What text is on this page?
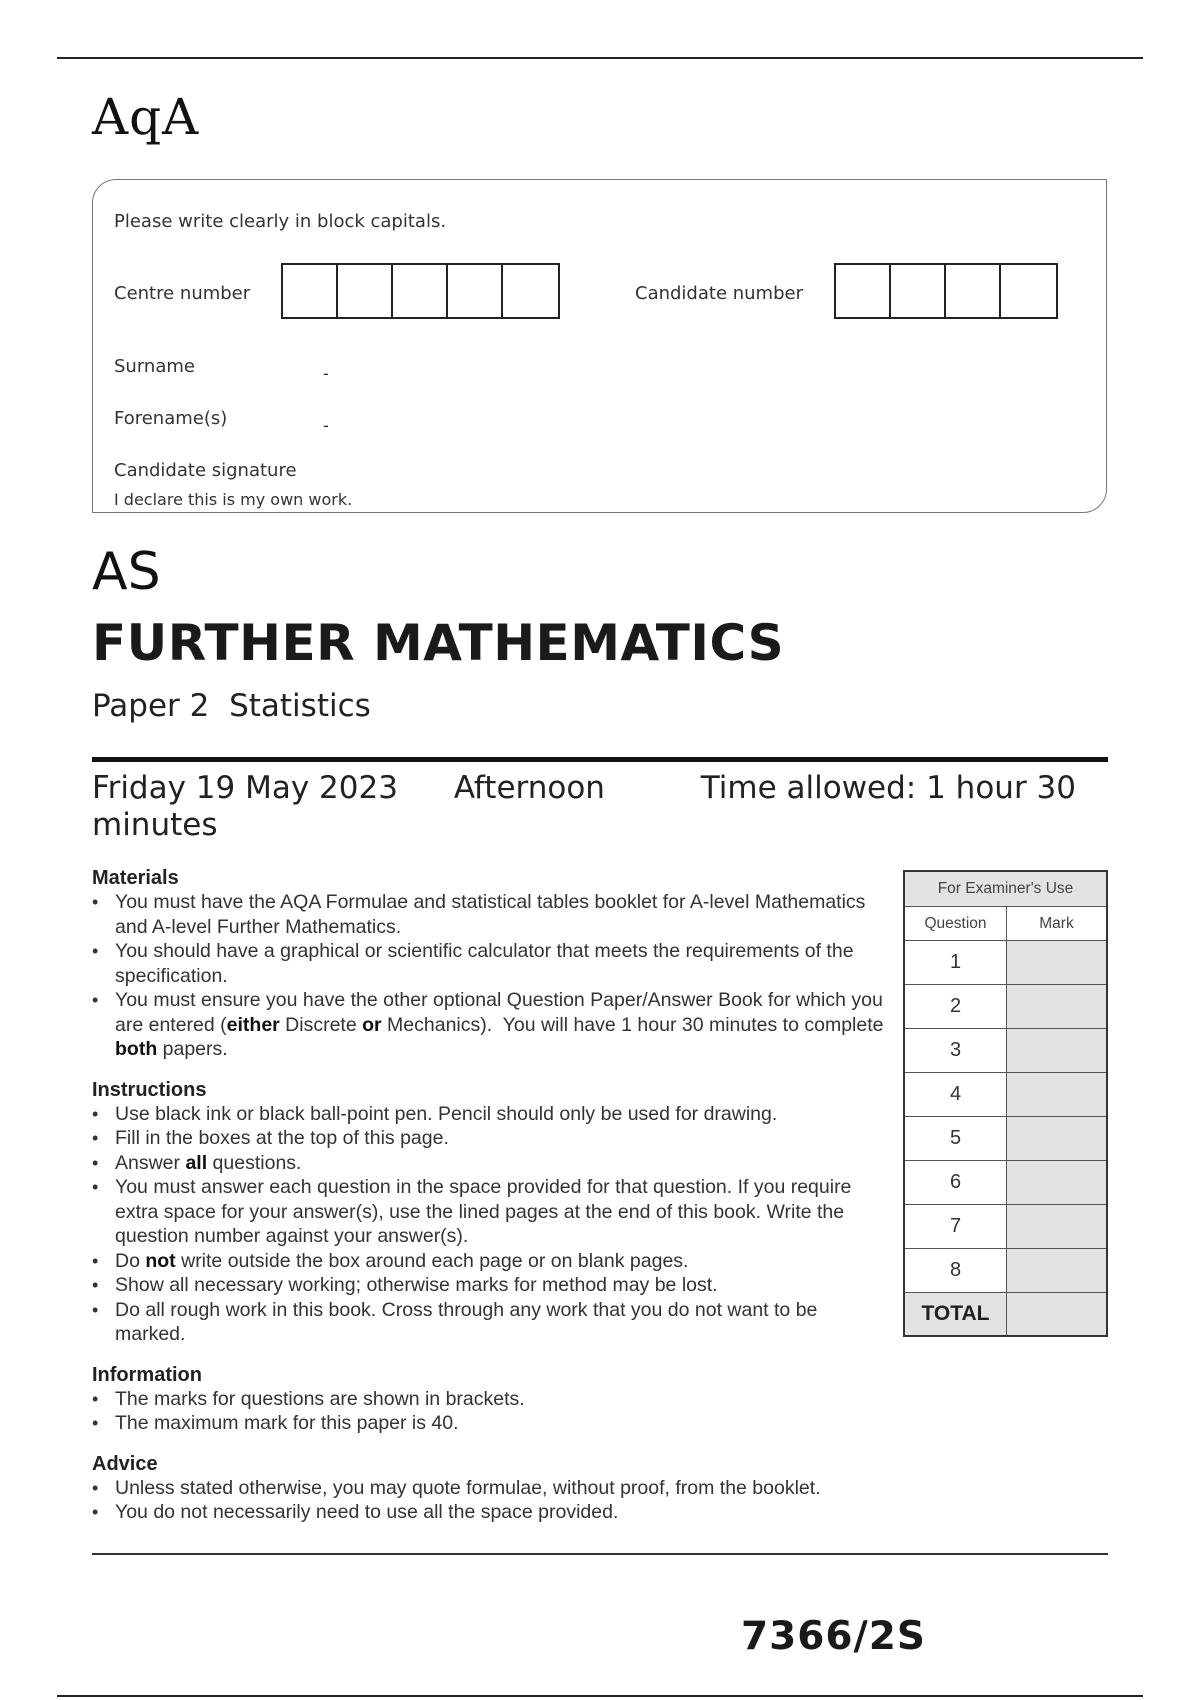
AqA
Please write clearly in block capitals.
Centre number	Candidate number
Surname	-
Forename(s)	-
Candidate signature
I declare this is my own work.
AS
FURTHER MATHEMATICS
Paper 2  Statistics
Friday 19 May 2023 Afternoon	Time allowed: 1 hour 30 minutes
Materials
• You must have the AQA Formulae and statistical tables booklet for A-level Mathematics and A-level Further Mathematics.
• You should have a graphical or scientific calculator that meets the requirements of the specification.
• You must ensure you have the other optional Question Paper/Answer Book for which you are entered (either Discrete or Mechanics).  You will have 1 hour 30 minutes to complete both papers.
Instructions
• Use black ink or black ball-point pen. Pencil should only be used for drawing.
• Fill in the boxes at the top of this page.
• Answer all questions.
• You must answer each question in the space provided for that question. If you require extra space for your answer(s), use the lined pages at the end of this book. Write the question number against your answer(s).
• Do not write outside the box around each page or on blank pages.
• Show all necessary working; otherwise marks for method may be lost.
• Do all rough work in this book. Cross through any work that you do not want to be marked.
Information
• The marks for questions are shown in brackets.
• The maximum mark for this paper is 40.
Advice
• Unless stated otherwise, you may quote formulae, without proof, from the booklet.
• You do not necessarily need to use all the space provided.
For Examiner's Use
Question	Mark
1
2
3
4
5
6
7
8
TOTAL
7366/2S
